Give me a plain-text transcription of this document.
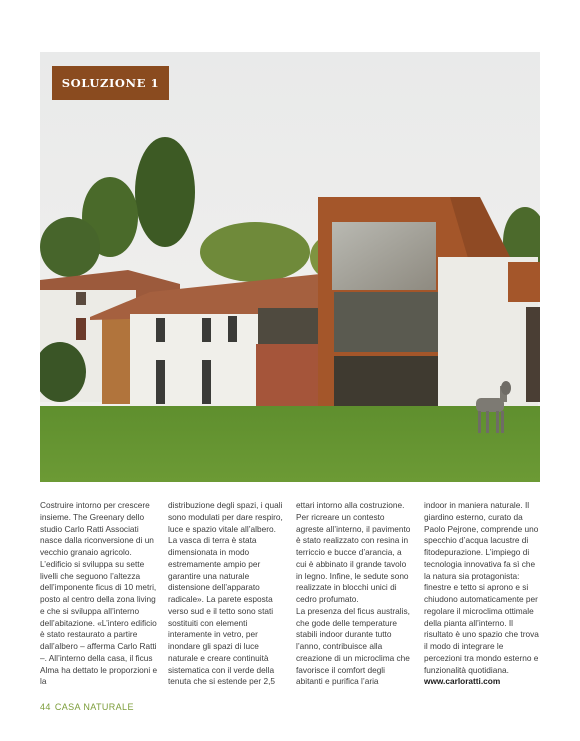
SOLUZIONE 1

Costruire intorno per crescere insieme. The Greenary dello studio Carlo Ratti Associati nasce dalla riconversione di un vecchio granaio agricolo. L’edificio si sviluppa su sette livelli che seguono l’altezza dell’imponente ficus di 10 metri, posto al centro della zona living e che si sviluppa all’interno dell’abitazione. «L’intero edificio è stato restaurato a partire dall’albero – afferma Carlo Ratti –. All’interno della casa, il ficus Alma ha dettato le proporzioni e la

distribuzione degli spazi, i quali sono modulati per dare respiro, luce e spazio vitale all’albero. La vasca di terra è stata dimensionata in modo estremamente ampio per garantire una naturale distensione dell’apparato radicale». La parete esposta verso sud e il tetto sono stati sostituiti con elementi interamente in vetro, per inondare gli spazi di luce naturale e creare continuità sistematica con il verde della tenuta che si estende per 2,5

ettari intorno alla costruzione. Per ricreare un contesto agreste all’interno, il pavimento è stato realizzato con resina in terriccio e bucce d’arancia, a cui è abbinato il grande tavolo in legno. Infine, le sedute sono realizzate in blocchi unici di cedro profumato.

La presenza del ficus australis, che gode delle temperature stabili indoor durante tutto l’anno, contribuisce alla creazione di un microclima che favorisce il comfort degli abitanti e purifica l’aria

indoor in maniera naturale. Il giardino esterno, curato da Paolo Pejrone, comprende uno specchio d’acqua lacustre di fitodepurazione. L’impiego di tecnologia innovativa fa sì che la natura sia protagonista: finestre e tetto si aprono e si chiudono automaticamente per regolare il microclima ottimale della pianta all’interno. Il risultato è uno spazio che trova il modo di integrare le percezioni tra mondo esterno e funzionalità quotidiana.

www.carloratti.com

44 CASA NATURALE
